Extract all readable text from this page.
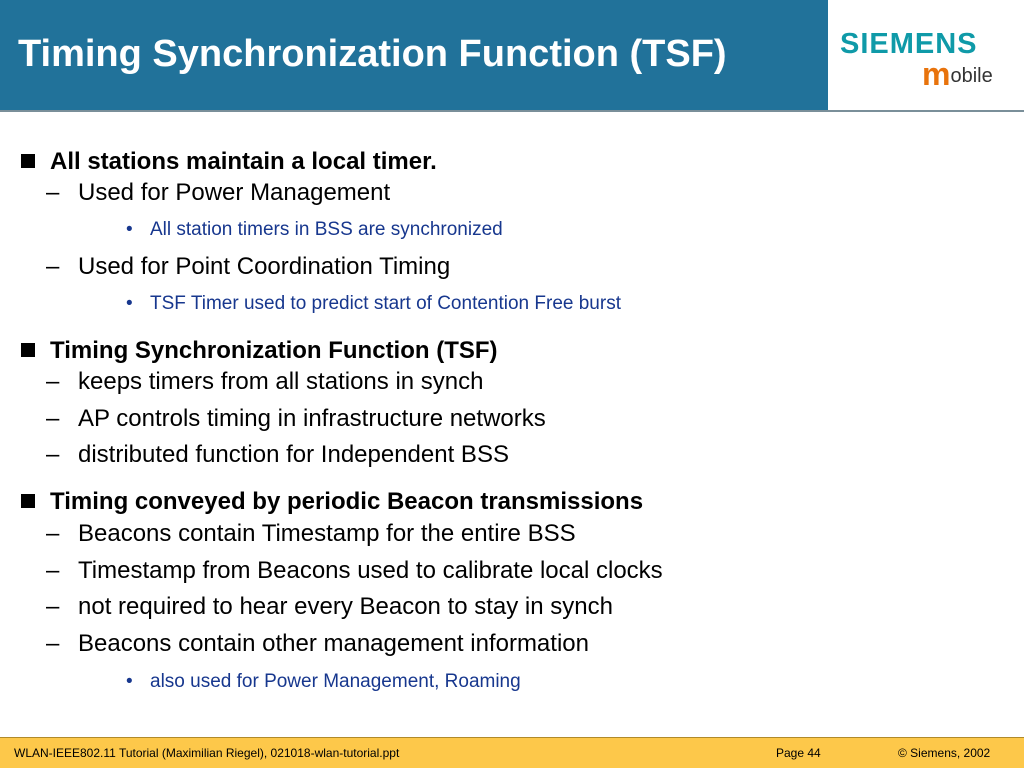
Timing Synchronization Function (TSF)	SIEMENS
mobile
All stations maintain a local timer.
– Used for Power Management
• All station timers in BSS are synchronized
– Used for Point Coordination Timing
• TSF Timer used to predict start of Contention Free burst
Timing Synchronization Function (TSF)
– keeps timers from all stations in synch
– AP controls timing in infrastructure networks
– distributed function for Independent BSS
Timing conveyed by periodic Beacon transmissions
– Beacons contain Timestamp for the entire BSS
– Timestamp from Beacons used to calibrate local clocks
– not required to hear every Beacon to stay in synch
– Beacons contain other management information
• also used for Power Management, Roaming
WLAN-IEEE802.11 Tutorial (Maximilian Riegel), 021018-wlan-tutorial.ppt	Page 44	© Siemens, 2002
